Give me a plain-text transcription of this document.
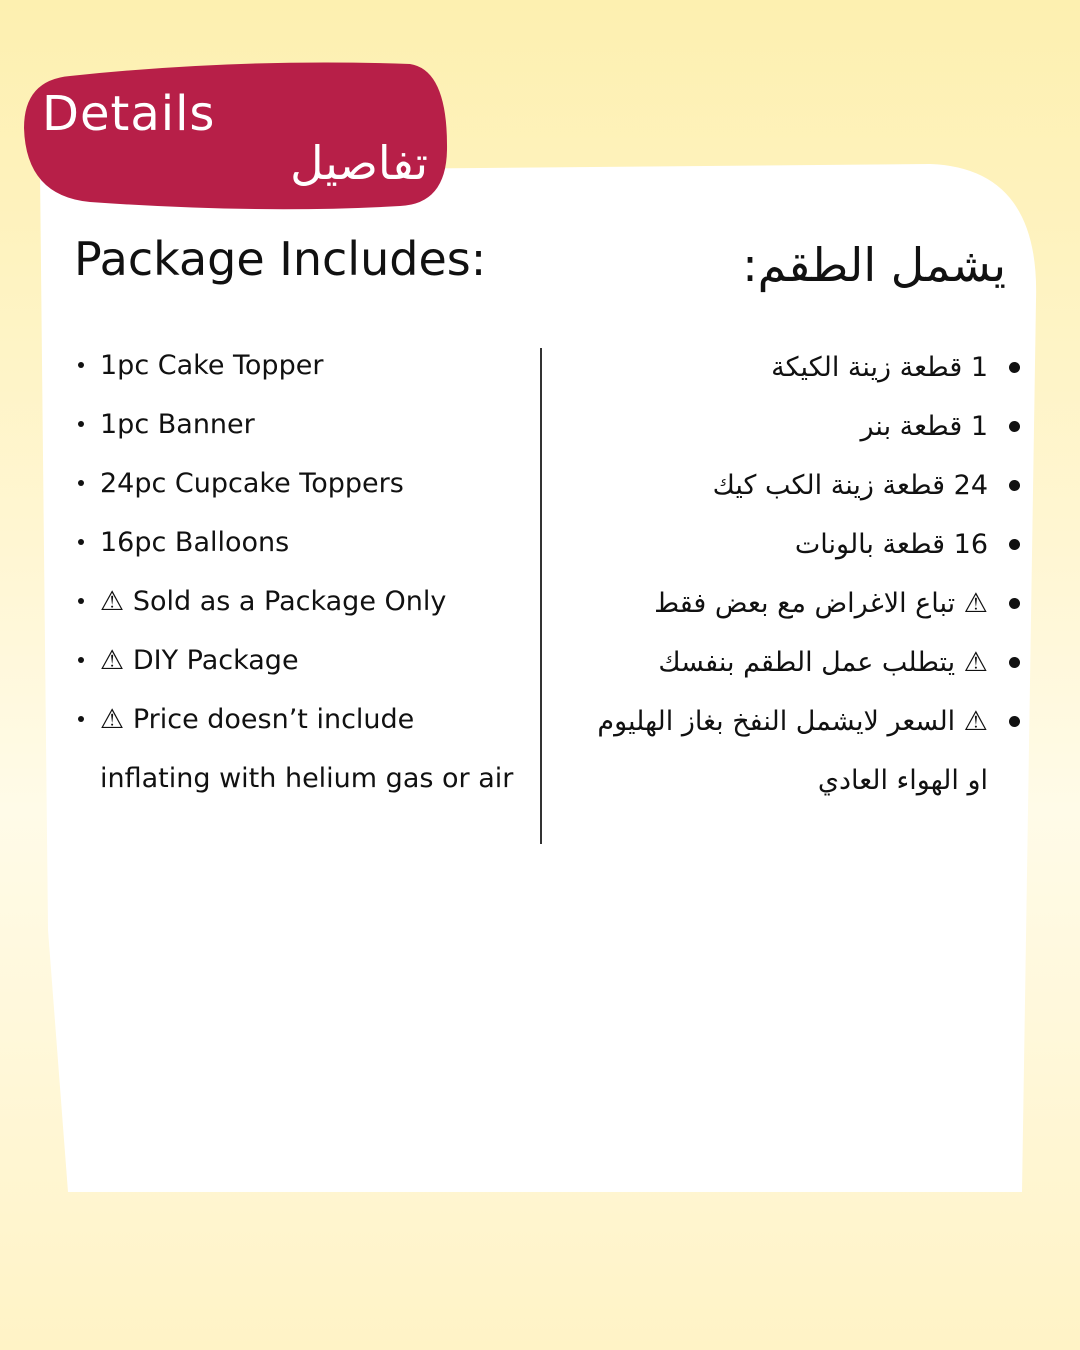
Details
تفاصيل
Package Includes:	يشمل الطقم:
1pc Cake Topper
1pc Banner
24pc Cupcake Toppers
16pc Balloons
⚠ Sold as a Package Only
⚠ DIY Package
⚠ Price doesn’t include inflating with helium gas or air
1 قطعة زينة الكيكة
1 قطعة بنر
24 قطعة زينة الكب كيك
16 قطعة بالونات
⚠ تباع الاغراض مع بعض فقط
⚠ يتطلب عمل الطقم بنفسك
⚠ السعر لايشمل النفخ بغاز الهليوم او الهواء العادي
